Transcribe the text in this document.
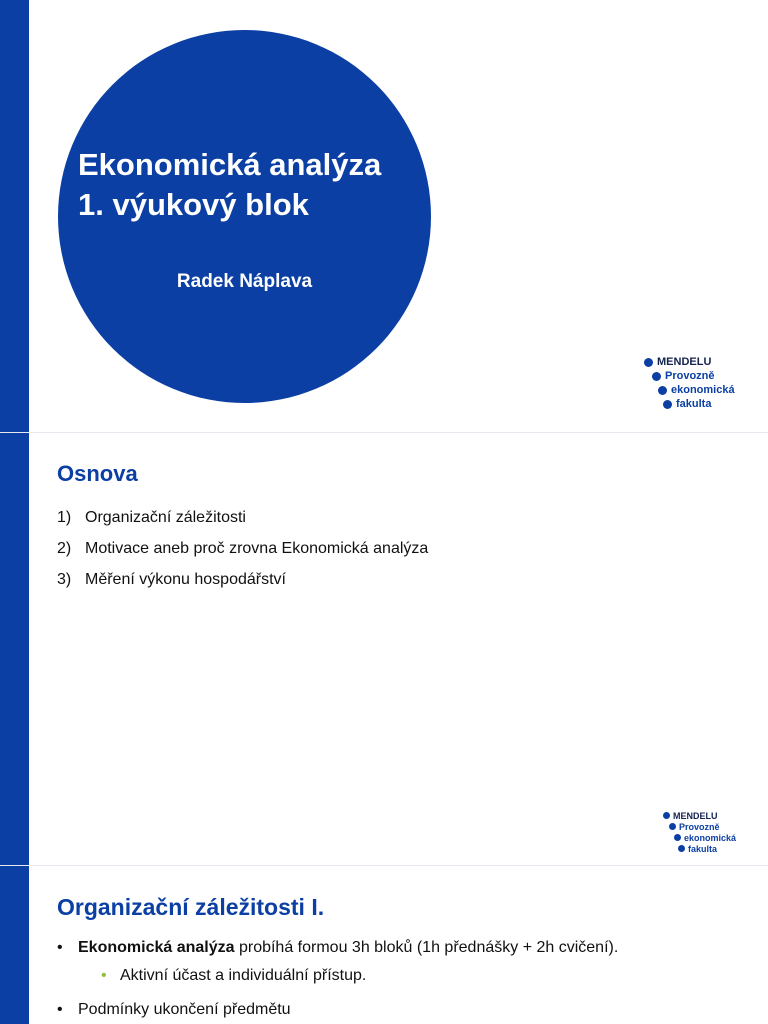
Ekonomická analýza
1. výukový blok
Radek Náplava
MENDELU
Provozně
ekonomická
fakulta
Osnova
1) Organizační záležitosti
2) Motivace aneb proč zrovna Ekonomická analýza
3) Měření výkonu hospodářství
MENDELU
Provozně
ekonomická
fakulta
Organizační záležitosti I.
• Ekonomická analýza probíhá formou 3h bloků (1h přednášky + 2h cvičení).
• Aktivní účast a individuální přístup.
• Podmínky ukončení předmětu
